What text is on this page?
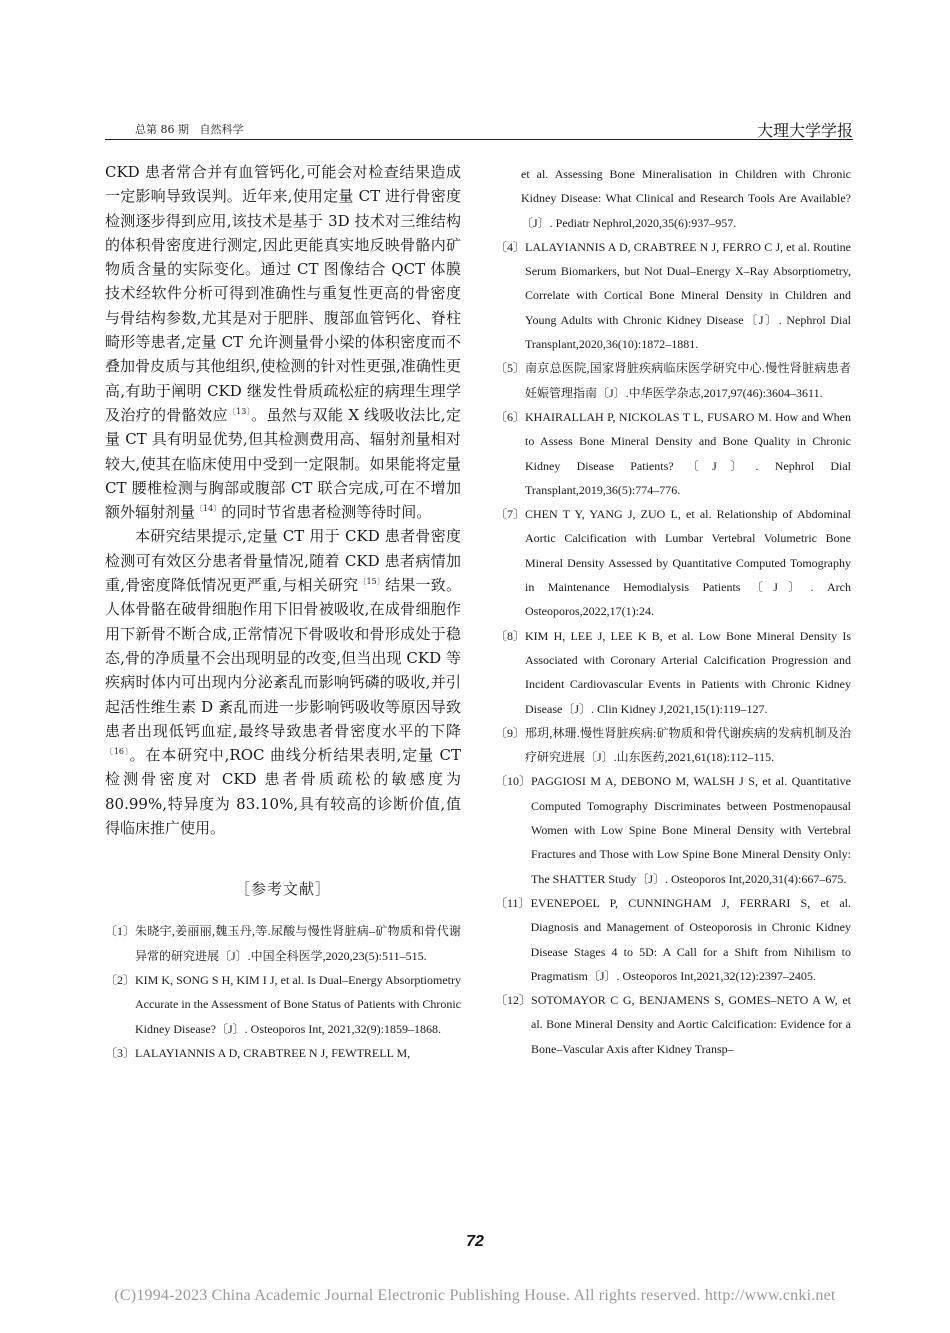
总第 86 期   自然科学	大理大学学报

CKD 患者常合并有血管钙化,可能会对检查结果造成一定影响导致误判。近年来,使用定量 CT 进行骨密度检测逐步得到应用,该技术是基于 3D 技术对三维结构的体积骨密度进行测定,因此更能真实地反映骨骼内矿物质含量的实际变化。通过 CT 图像结合 QCT 体膜技术经软件分析可得到准确性与重复性更高的骨密度与骨结构参数,尤其是对于肥胖、腹部血管钙化、脊柱畸形等患者,定量 CT 允许测量骨小梁的体积密度而不叠加骨皮质与其他组织,使检测的针对性更强,准确性更高,有助于阐明 CKD 继发性骨质疏松症的病理生理学及治疗的骨骼效应$^{〔13〕}$。虽然与双能 X 线吸收法比,定量 CT 具有明显优势,但其检测费用高、辐射剂量相对较大,使其在临床使用中受到一定限制。如果能将定量 CT 腰椎检测与胸部或腹部 CT 联合完成,可在不增加额外辐射剂量$^{〔14〕}$的同时节省患者检测等待时间。

本研究结果提示,定量 CT 用于 CKD 患者骨密度检测可有效区分患者骨量情况,随着 CKD 患者病情加重,骨密度降低情况更严重,与相关研究$^{〔15〕}$结果一致。人体骨骼在破骨细胞作用下旧骨被吸收,在成骨细胞作用下新骨不断合成,正常情况下骨吸收和骨形成处于稳态,骨的净质量不会出现明显的改变,但当出现 CKD 等疾病时体内可出现内分泌紊乱而影响钙磷的吸收,并引起活性维生素 D 紊乱而进一步影响钙吸收等原因导致患者出现低钙血症,最终导致患者骨密度水平的下降$^{〔16〕}$。在本研究中,ROC 曲线分析结果表明,定量 CT 检测骨密度对 CKD 患者骨质疏松的敏感度为 80.99%,特异度为 83.10%,具有较高的诊断价值,值得临床推广使用。

［参考文献］
〔1〕 朱晓宇,姜丽丽,魏玉丹,等.尿酸与慢性肾脏病–矿物质和骨代谢异常的研究进展〔J〕.中国全科医学,2020,23(5):511–515.
〔2〕 KIM K, SONG S H, KIM I J, et al. Is Dual–Energy Absorptiometry Accurate in the Assessment of Bone Status of Patients with Chronic Kidney Disease?〔J〕. Osteoporos Int, 2021,32(9):1859–1868.
〔3〕 LALAYIANNIS A D, CRABTREE N J, FEWTRELL M,
et al. Assessing Bone Mineralisation in Children with Chronic Kidney Disease: What Clinical and Research Tools Are Available?〔J〕. Pediatr Nephrol,2020,35(6):937–957.
〔4〕 LALAYIANNIS A D, CRABTREE N J, FERRO C J, et al. Routine Serum Biomarkers, but Not Dual–Energy X–Ray Absorptiometry, Correlate with Cortical Bone Mineral Density in Children and Young Adults with Chronic Kidney Disease〔J〕. Nephrol Dial Transplant,2020,36(10):1872–1881.
〔5〕 南京总医院,国家肾脏疾病临床医学研究中心.慢性肾脏病患者妊娠管理指南〔J〕.中华医学杂志,2017,97(46):3604–3611.
〔6〕 KHAIRALLAH P, NICKOLAS T L, FUSARO M. How and When to Assess Bone Mineral Density and Bone Quality in Chronic Kidney Disease Patients?〔J〕. Nephrol Dial Transplant,2019,36(5):774–776.
〔7〕 CHEN T Y, YANG J, ZUO L, et al. Relationship of Abdominal Aortic Calcification with Lumbar Vertebral Volumetric Bone Mineral Density Assessed by Quantitative Computed Tomography in Maintenance Hemodialysis Patients〔J〕. Arch Osteoporos,2022,17(1):24.
〔8〕 KIM H, LEE J, LEE K B, et al. Low Bone Mineral Density Is Associated with Coronary Arterial Calcification Progression and Incident Cardiovascular Events in Patients with Chronic Kidney Disease〔J〕. Clin Kidney J,2021,15(1):119–127.
〔9〕 邢玥,林珊.慢性肾脏疾病:矿物质和骨代谢疾病的发病机制及治疗研究进展〔J〕.山东医药,2021,61(18):112–115.
〔10〕 PAGGIOSI M A, DEBONO M, WALSH J S, et al. Quantitative Computed Tomography Discriminates between Postmenopausal Women with Low Spine Bone Mineral Density with Vertebral Fractures and Those with Low Spine Bone Mineral Density Only: The SHATTER Study〔J〕. Osteoporos Int,2020,31(4):667–675.
〔11〕 EVENEPOEL P, CUNNINGHAM J, FERRARI S, et al. Diagnosis and Management of Osteoporosis in Chronic Kidney Disease Stages 4 to 5D: A Call for a Shift from Nihilism to Pragmatism〔J〕. Osteoporos Int,2021,32(12):2397–2405.
〔12〕 SOTOMAYOR C G, BENJAMENS S, GOMES–NETO A W, et al. Bone Mineral Density and Aortic Calcification: Evidence for a Bone–Vascular Axis after Kidney Transp–
72
(C)1994-2023 China Academic Journal Electronic Publishing House. All rights reserved. http://www.cnki.net
